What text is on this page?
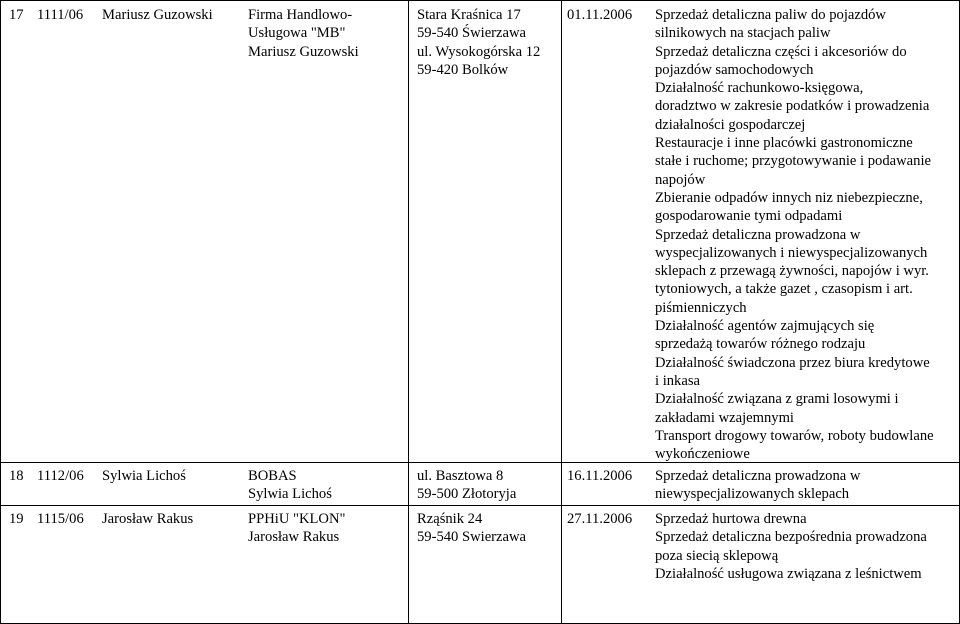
17 1111/06 Mariusz Guzowski Firma Handlowo-
Usługowa "MB"
Mariusz Guzowski
Stara Kraśnica 17
59-540 Świerzawa
ul. Wysokogórska 12
59-420 Bolków
01.11.2006 Sprzedaż detaliczna paliw do pojazdów
silnikowych na stacjach paliw
Sprzedaż detaliczna części i akcesoriów do
pojazdów samochodowych
Działalność rachunkowo-księgowa,
doradztwo w zakresie podatków i prowadzenia
działalności gospodarczej
Restauracje i inne placówki gastronomiczne
stałe i ruchome; przygotowywanie i podawanie
napojów
Zbieranie odpadów innych niz niebezpieczne,
gospodarowanie tymi odpadami
Sprzedaż detaliczna prowadzona w
wyspecjalizowanych i niewyspecjalizowanych
sklepach z przewagą żywności, napojów i wyr.
tytoniowych, a także gazet , czasopism i art.
piśmienniczych
Działalność agentów zajmujących się
sprzedażą towarów różnego rodzaju
Działalność świadczona przez biura kredytowe
i inkasa
Działalność związana z grami losowymi i
zakładami wzajemnymi
Transport drogowy towarów, roboty budowlane
wykończeniowe
18 1112/06 Sylwia Lichoś	BOBAS
Sylwia Lichoś
ul. Basztowa 8
59-500 Złotoryja
16.11.2006 Sprzedaż detaliczna prowadzona w
niewyspecjalizowanych sklepach
19 1115/06 Jarosław Rakus	PPHiU "KLON"
Jarosław Rakus
Rząśnik 24
59-540 Swierzawa
27.11.2006 Sprzedaż hurtowa drewna
Sprzedaż detaliczna bezpośrednia prowadzona
poza siecią sklepową
Działalność usługowa związana z leśnictwem
